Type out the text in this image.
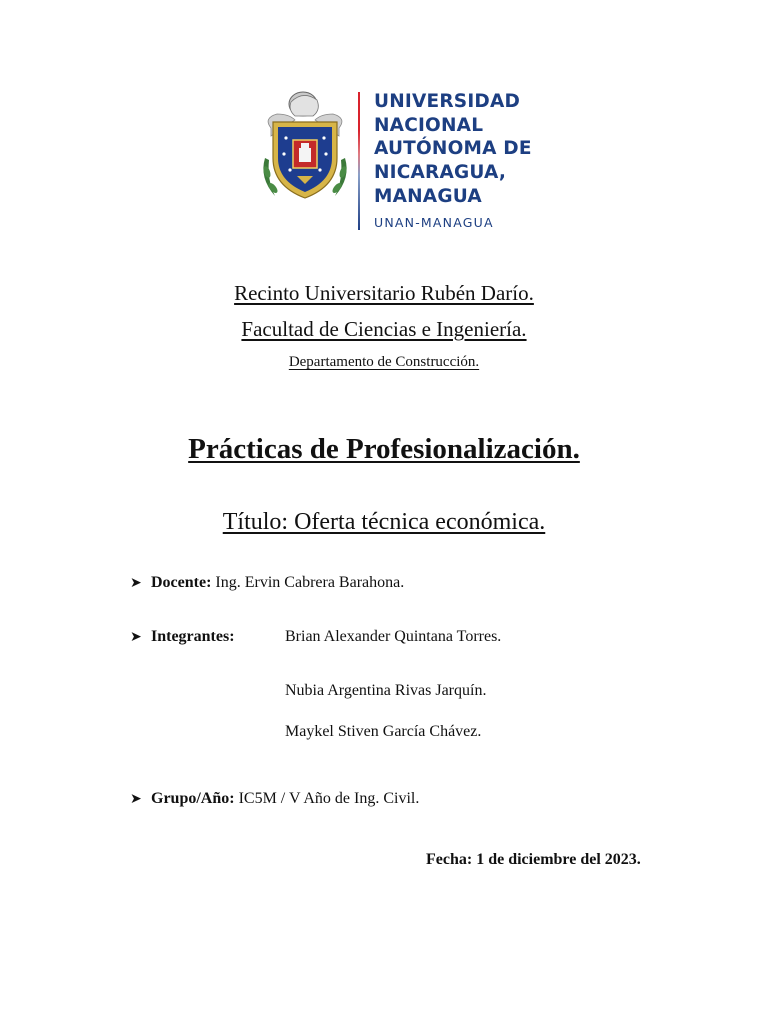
UNIVERSIDAD
NACIONAL
AUTÓNOMA DE
NICARAGUA,
MANAGUA
UNAN-MANAGUA
Recinto Universitario Rubén Darío.
Facultad de Ciencias e Ingeniería.
Departamento de Construcción.
Prácticas de Profesionalización.
Título: Oferta técnica económica.
➤ Docente: Ing. Ervin Cabrera Barahona.
➤ Integrantes:	Brian Alexander Quintana Torres.
Nubia Argentina Rivas Jarquín.
Maykel Stiven García Chávez.
➤ Grupo/Año: IC5M / V Año de Ing. Civil.
Fecha: 1 de diciembre del 2023.
